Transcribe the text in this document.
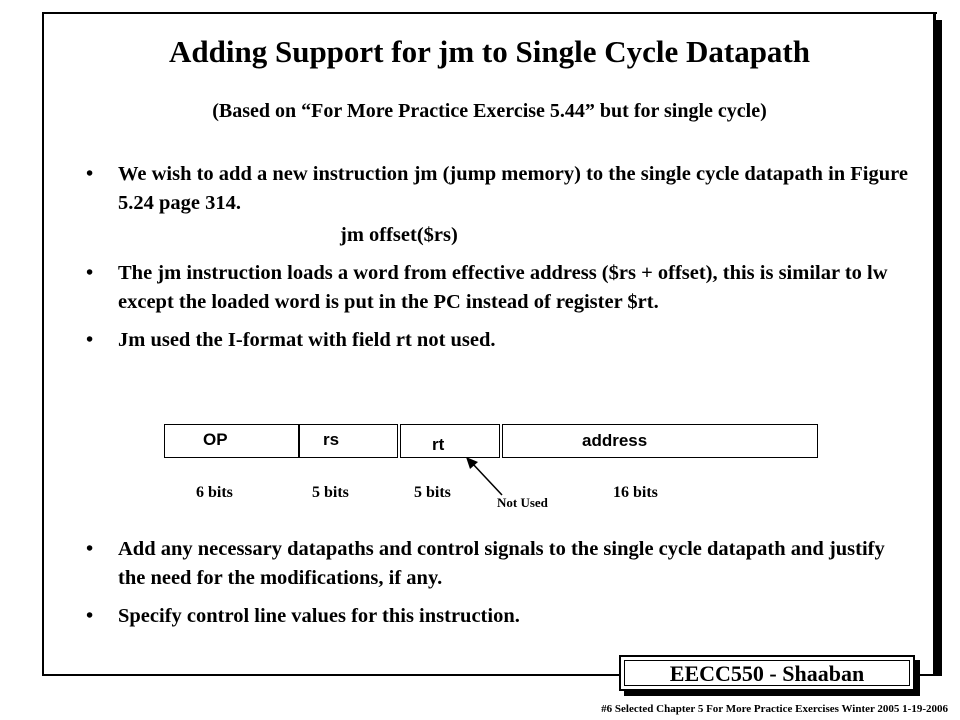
Adding Support for jm to Single Cycle Datapath
(Based on “For More Practice Exercise 5.44” but for single cycle)
• We wish to add a new instruction jm (jump memory) to the single cycle datapath in Figure 5.24 page 314.
jm offset($rs)
• The jm instruction loads a word from effective address ($rs + offset), this is similar to lw except the loaded word is put in the PC instead of register $rt.
• Jm used the I-format with field rt not used.
OP	rs	rt	address
6 bits	5 bits	5 bits	16 bits
Not Used
• Add any necessary datapaths and control signals to the single cycle datapath and justify the need for the modifications, if any.
• Specify control line values for this instruction.
EECC550 - Shaaban
#6 Selected Chapter 5 For More Practice Exercises Winter 2005 1-19-2006
